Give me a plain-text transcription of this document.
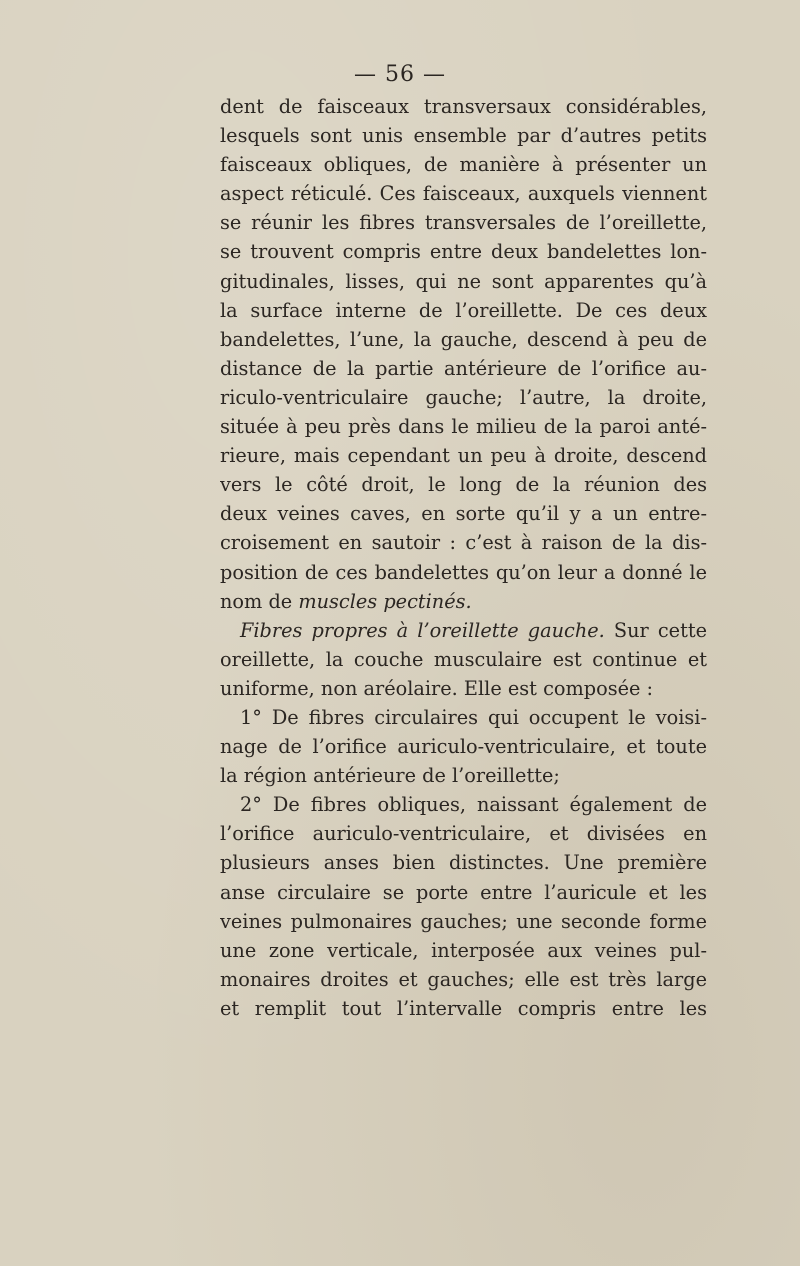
— 56 —
dent de faisceaux transversaux considérables,
lesquels sont unis ensemble par d’autres petits
faisceaux obliques, de manière à présenter un
aspect réticulé. Ces faisceaux, auxquels viennent
se réunir les fibres transversales de l’oreillette,
se trouvent compris entre deux bandelettes lon-
gitudinales, lisses, qui ne sont apparentes qu’à
la surface interne de l’oreillette. De ces deux
bandelettes, l’une, la gauche, descend à peu de
distance de la partie antérieure de l’orifice au-
riculo-ventriculaire gauche; l’autre, la droite,
située à peu près dans le milieu de la paroi anté-
rieure, mais cependant un peu à droite, descend
vers le côté droit, le long de la réunion des
deux veines caves, en sorte qu’il y a un entre-
croisement en sautoir : c’est à raison de la dis-
position de ces bandelettes qu’on leur a donné le
nom de muscles pectinés.
Fibres propres à l’oreillette gauche. Sur cette
oreillette, la couche musculaire est continue et
uniforme, non aréolaire. Elle est composée :
1° De fibres circulaires qui occupent le voisi-
nage de l’orifice auriculo-ventriculaire, et toute
la région antérieure de l’oreillette;
2° De fibres obliques, naissant également de
l’orifice auriculo-ventriculaire, et divisées en
plusieurs anses bien distinctes. Une première
anse circulaire se porte entre l’auricule et les
veines pulmonaires gauches; une seconde forme
une zone verticale, interposée aux veines pul-
monaires droites et gauches; elle est très large
et remplit tout l’intervalle compris entre les
